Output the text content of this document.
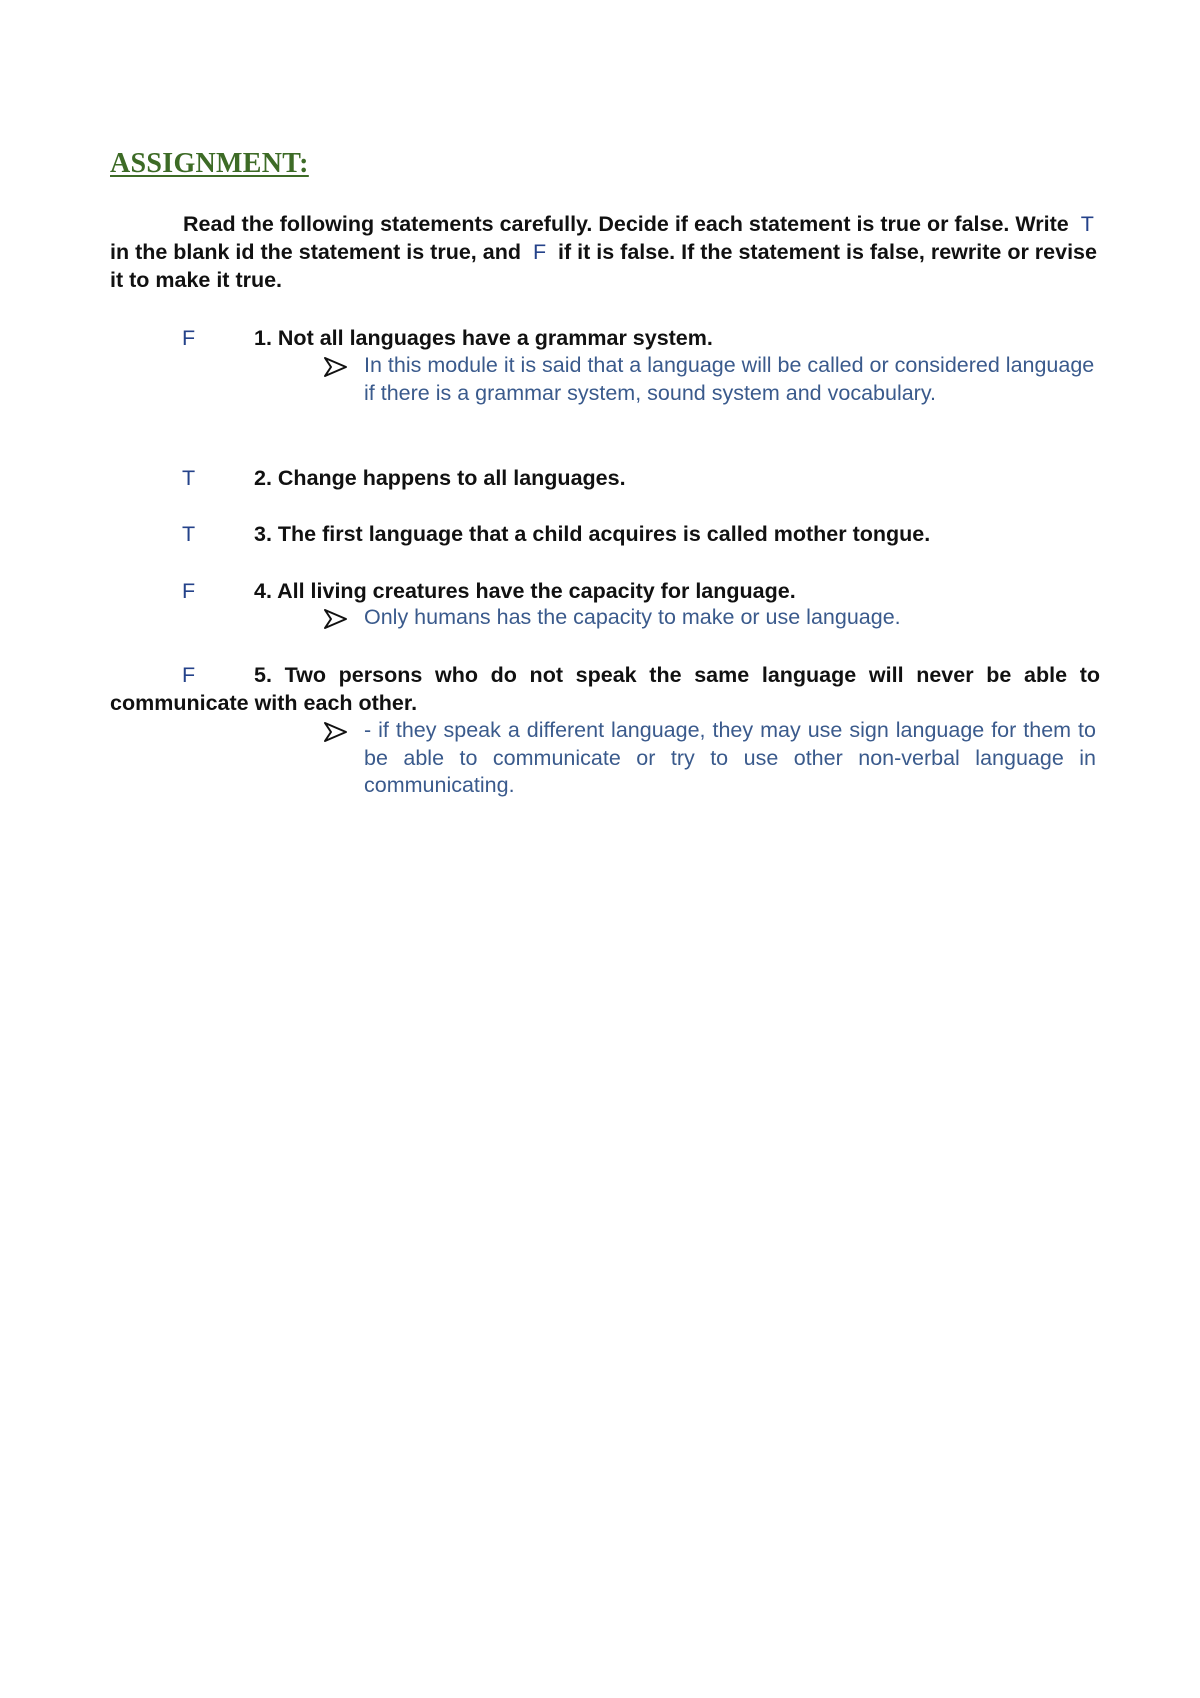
ASSIGNMENT:
Read the following statements carefully. Decide if each statement is true or false. Write T in the blank id the statement is true, and F if it is false. If the statement is false, rewrite or revise it to make it true.
F	1. Not all languages have a grammar system.
In this module it is said that a language will be called or considered language if there is a grammar system, sound system and vocabulary.
T	2. Change happens to all languages.
T	3. The first language that a child acquires is called mother tongue.
F	4. All living creatures have the capacity for language.
Only humans has the capacity to make or use language.
F	5. Two persons who do not speak the same language will never be able to communicate with each other.
- if they speak a different language, they may use sign language for them to be able to communicate or try to use other non-verbal language in communicating.
